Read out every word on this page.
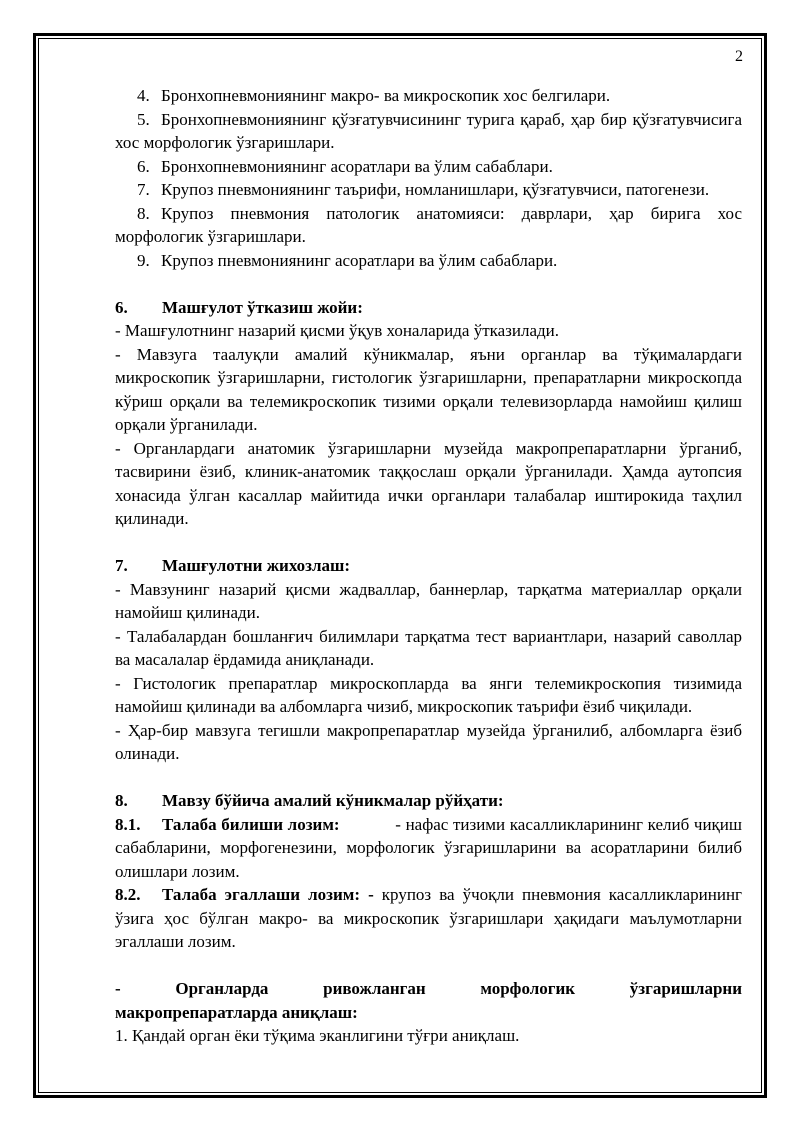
2

4. Бронхопневмониянинг макро- ва микроскопик хос белгилари.

5. Бронхопневмониянинг қўзғатувчисининг турига қараб, ҳар бир қўзғатувчисига хос морфологик ўзгаришлари.

6. Бронхопневмониянинг асоратлари ва ўлим сабаблари.

7. Крупоз пневмониянинг таърифи, номланишлари, қўзғатувчиси, патогенези.

8. Крупоз пневмония патологик анатомияси: даврлари, ҳар бирига хос морфологик ўзгаришлари.

9. Крупоз пневмониянинг асоратлари ва ўлим сабаблари.

6. Машғулот ўтказиш жойи:

- Машғулотнинг назарий қисми ўқув хоналарида ўтказилади.

- Мавзуга таалуқли амалий кўникмалар, яъни органлар ва тўқималардаги микроскопик ўзгаришларни, гистологик ўзгаришларни, препаратларни микроскопда кўриш орқали ва телемикроскопик тизими орқали телевизорларда намойиш қилиш орқали ўрганилади.

- Органлардаги анатомик ўзгаришларни музейда макропрепаратларни ўрганиб, тасвирини ёзиб, клиник-анатомик таққослаш орқали ўрганилади. Ҳамда аутопсия хонасида ўлган касаллар майитида ички органлари талабалар иштирокида таҳлил қилинади.

7. Машғулотни жихозлаш:

- Мавзунинг назарий қисми жадваллар, баннерлар, тарқатма материаллар орқали намойиш қилинади.

- Талабалардан бошланғич билимлари тарқатма тест вариантлари, назарий саволлар ва масалалар ёрдамида аниқланади.

- Гистологик препаратлар микроскопларда ва янги телемикроскопия тизимида намойиш қилинади ва албомларга чизиб, микроскопик таърифи ёзиб чиқилади.

- Ҳар-бир мавзуга тегишли макропрепаратлар музейда ўрганилиб, албомларга ёзиб олинади.

8. Мавзу бўйича амалий кўникмалар рўйҳати:

8.1. Талаба билиши лозим:	- нафас тизими касалликларининг келиб чиқиш сабабларини, морфогенезини, морфологик ўзгаришларини ва асоратларини билиб олишлари лозим.

8.2. Талаба эгаллаши лозим: - крупоз ва ўчоқли пневмония касалликларининг ўзига ҳос бўлган макро- ва микроскопик ўзгаришлари ҳақидаги маълумотларни эгаллаши лозим.

- Органларда ривожланган морфологик ўзгаришларни

макропрепаратларда аниқлаш:

1. Қандай орган ёки тўқима эканлигини тўғри аниқлаш.
